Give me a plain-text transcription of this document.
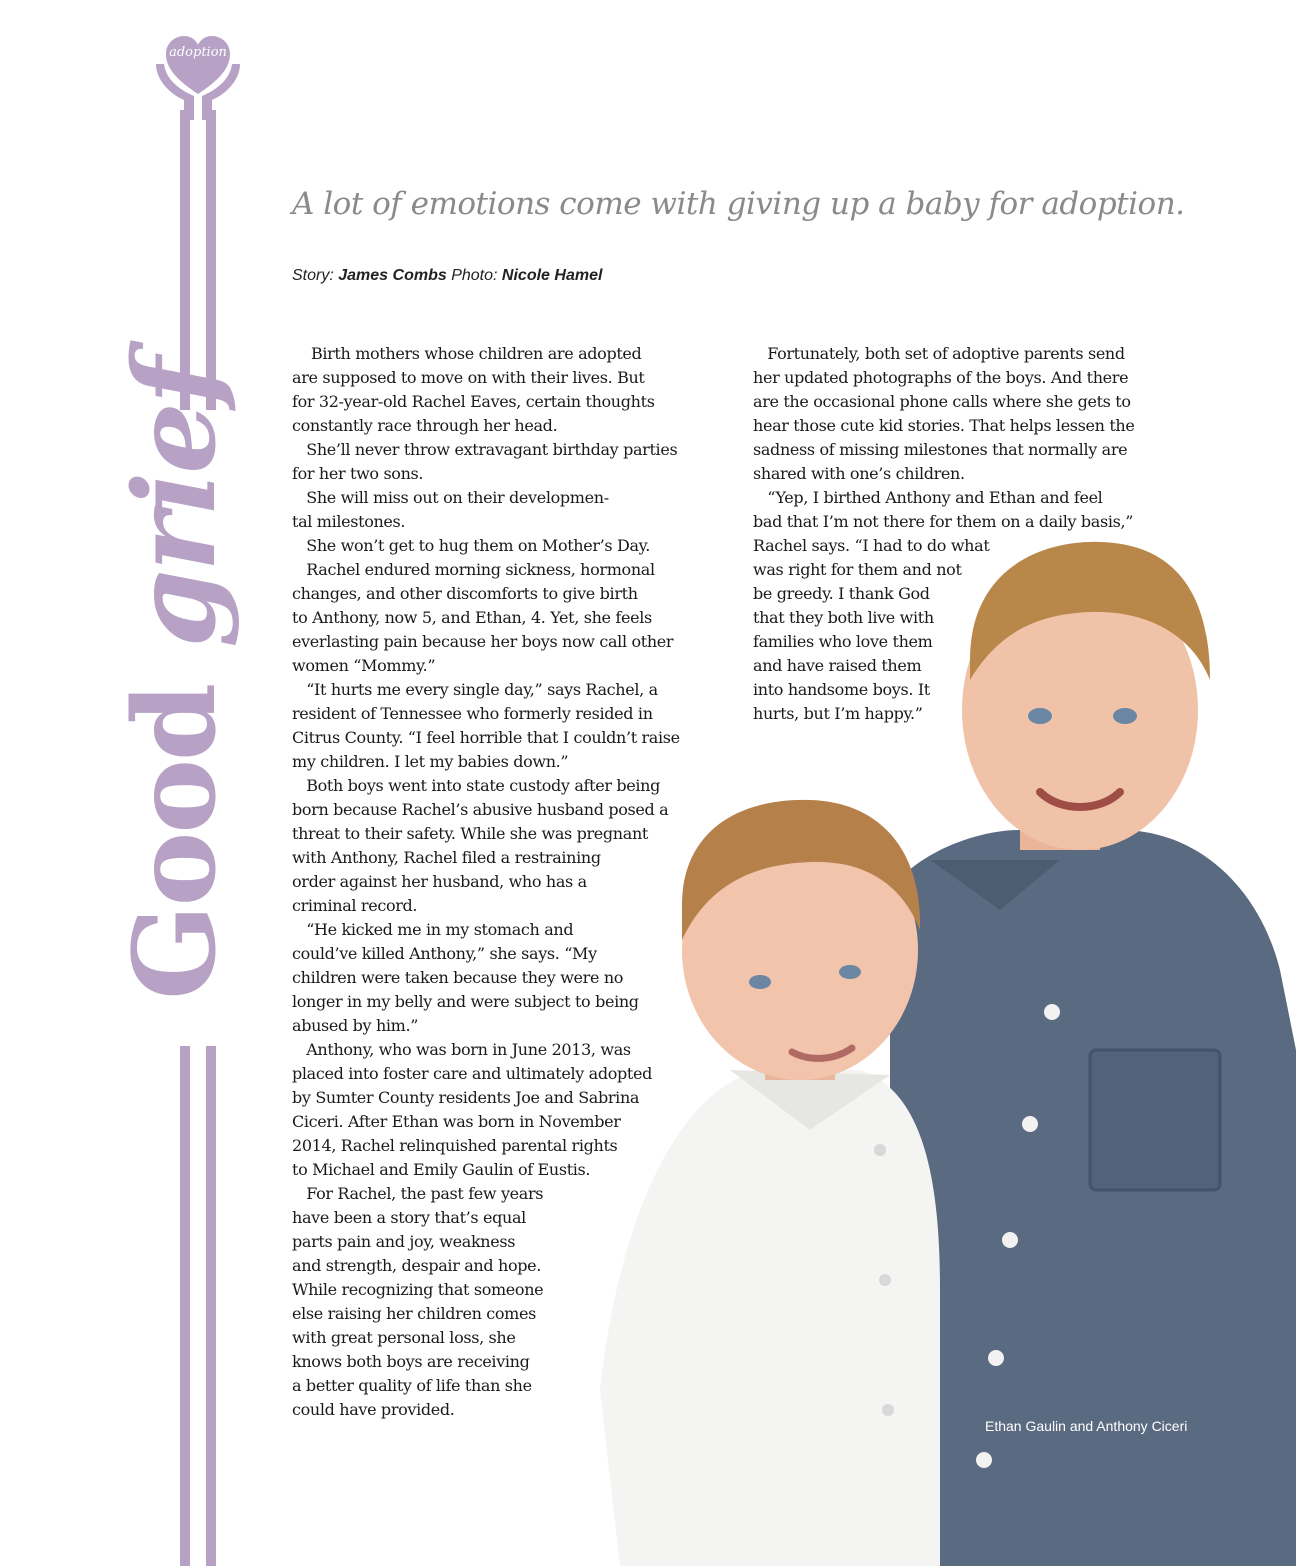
adoption
Good grief
A lot of emotions come with giving up a baby for adoption.
Story: James Combs Photo: Nicole Hamel
Birth mothers whose children are adopted
are supposed to move on with their lives. But
for 32-year-old Rachel Eaves, certain thoughts
constantly race through her head.
She’ll never throw extravagant birthday parties
for her two sons.
She will miss out on their developmen-
tal milestones.
She won’t get to hug them on Mother’s Day.
Rachel endured morning sickness, hormonal
changes, and other discomforts to give birth
to Anthony, now 5, and Ethan, 4. Yet, she feels
everlasting pain because her boys now call other
women “Mommy.”
“It hurts me every single day,” says Rachel, a
resident of Tennessee who formerly resided in
Citrus County. “I feel horrible that I couldn’t raise
my children. I let my babies down.”
Both boys went into state custody after being
born because Rachel’s abusive husband posed a
threat to their safety. While she was pregnant
with Anthony, Rachel filed a restraining
order against her husband, who has a
criminal record.
“He kicked me in my stomach and
could’ve killed Anthony,” she says. “My
children were taken because they were no
longer in my belly and were subject to being
abused by him.”
Anthony, who was born in June 2013, was
placed into foster care and ultimately adopted
by Sumter County residents Joe and Sabrina
Ciceri. After Ethan was born in November
2014, Rachel relinquished parental rights
to Michael and Emily Gaulin of Eustis.
For Rachel, the past few years
have been a story that’s equal
parts pain and joy, weakness
and strength, despair and hope.
While recognizing that someone
else raising her children comes
with great personal loss, she
knows both boys are receiving
a better quality of life than she
could have provided.
Fortunately, both set of adoptive parents send
her updated photographs of the boys. And there
are the occasional phone calls where she gets to
hear those cute kid stories. That helps lessen the
sadness of missing milestones that normally are
shared with one’s children.
“Yep, I birthed Anthony and Ethan and feel
bad that I’m not there for them on a daily basis,”
Rachel says. “I had to do what
was right for them and not
be greedy. I thank God
that they both live with
families who love them
and have raised them
into handsome boys. It
hurts, but I’m happy.”
Ethan Gaulin and Anthony Ciceri
